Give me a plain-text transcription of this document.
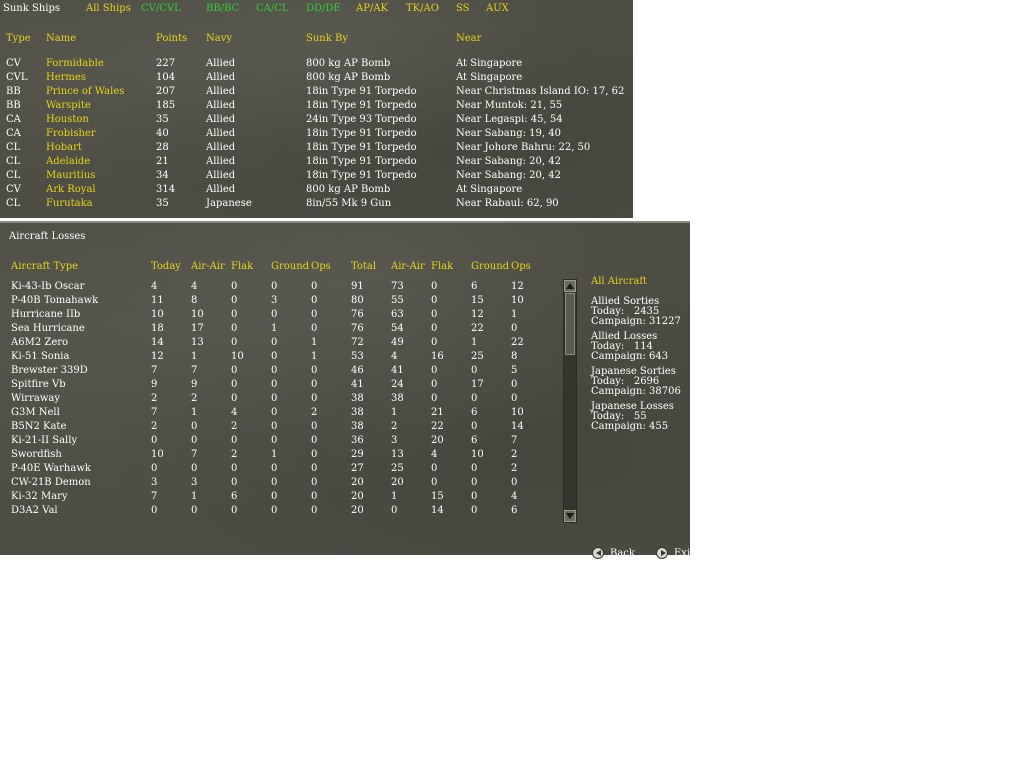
Sunk Ships	All Ships CV/CVL	BB/BC CA/CL DD/DE AP/AK TK/AO SS AUX
Type Name	Points Navy	Sunk By	Near
CV	Formidable	227	Allied	800 kg AP Bomb	At Singapore
CVL Hermes	104	Allied	800 kg AP Bomb	At Singapore
BB	Prince of Wales	207	Allied	18in Type 91 Torpedo	Near Christmas Island IO: 17, 62
BB	Warspite	185	Allied	18in Type 91 Torpedo	Near Muntok: 21, 55
CA	Houston	35	Allied	24in Type 93 Torpedo	Near Legaspi: 45, 54
CA	Frobisher	40	Allied	18in Type 91 Torpedo	Near Sabang: 19, 40
CL	Hobart	28	Allied	18in Type 91 Torpedo	Near Johore Bahru: 22, 50
CL	Adelaide	21	Allied	18in Type 91 Torpedo	Near Sabang: 20, 42
CL	Mauritius	34	Allied	18in Type 91 Torpedo	Near Sabang: 20, 42
CV	Ark Royal	314	Allied	800 kg AP Bomb	At Singapore
CL	Furutaka	35	Japanese	8in/55 Mk 9 Gun	Near Rabaul: 62, 90
Aircraft Losses
Aircraft Type	Today Air-Air Flak Ground Ops Total Air-Air Flak Ground Ops
Ki-43-Ib Oscar	4	4	0	0	0	91	73	0	6	12
P-40B Tomahawk	11	8	0	3	0	80	55	0	15	10
Hurricane IIb	10	10	0	0	0	76	63	0	12	1
Sea Hurricane	18	17	0	1	0	76	54	0	22	0
A6M2 Zero	14	13	0	0	1	72	49	0	1	22
Ki-51 Sonia	12	1	10	0	1	53	4	16	25	8
Brewster 339D	7	7	0	0	0	46	41	0	0	5
Spitfire Vb	9	9	0	0	0	41	24	0	17	0
Wirraway	2	2	0	0	0	38	38	0	0	0
G3M Nell	7	1	4	0	2	38	1	21	6	10
B5N2 Kate	2	0	2	0	0	38	2	22	0	14
Ki-21-II Sally	0	0	0	0	0	36	3	20	6	7
Swordfish	10	7	2	1	0	29	13	4	10	2
P-40E Warhawk	0	0	0	0	0	27	25	0	0	2
CW-21B Demon	3	3	0	0	0	20	20	0	0	0
Ki-32 Mary	7	1	6	0	0	20	1	15	0	4
D3A2 Val	0	0	0	0	0	20	0	14	0	6
All Aircraft
Allied Sorties
Today:   2435
Campaign: 31227
Allied Losses
Today:   114
Campaign: 643
Japanese Sorties
Today:   2696
Campaign: 38706
Japanese Losses
Today:   55
Campaign: 455
Back	Exit
